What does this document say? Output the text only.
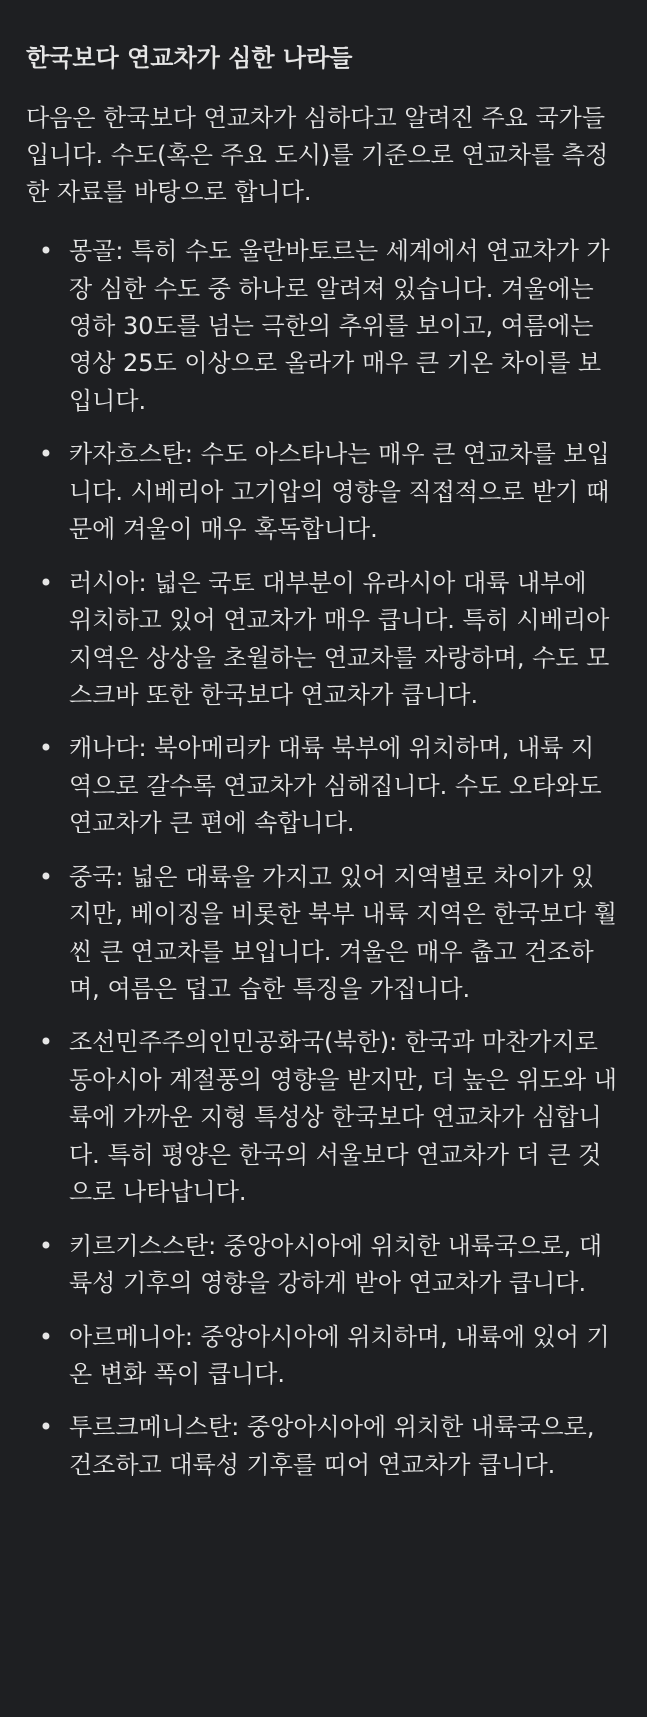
한국보다 연교차가 심한 나라들
다음은 한국보다 연교차가 심하다고 알려진 주요 국가들입니다. 수도(혹은 주요 도시)를 기준으로 연교차를 측정한 자료를 바탕으로 합니다.
• 몽골: 특히 수도 울란바토르는 세계에서 연교차가 가장 심한 수도 중 하나로 알려져 있습니다. 겨울에는 영하 30도를 넘는 극한의 추위를 보이고, 여름에는 영상 25도 이상으로 올라가 매우 큰 기온 차이를 보입니다.
• 카자흐스탄: 수도 아스타나는 매우 큰 연교차를 보입니다. 시베리아 고기압의 영향을 직접적으로 받기 때문에 겨울이 매우 혹독합니다.
• 러시아: 넓은 국토 대부분이 유라시아 대륙 내부에 위치하고 있어 연교차가 매우 큽니다. 특히 시베리아 지역은 상상을 초월하는 연교차를 자랑하며, 수도 모스크바 또한 한국보다 연교차가 큽니다.
• 캐나다: 북아메리카 대륙 북부에 위치하며, 내륙 지역으로 갈수록 연교차가 심해집니다. 수도 오타와도 연교차가 큰 편에 속합니다.
• 중국: 넓은 대륙을 가지고 있어 지역별로 차이가 있지만, 베이징을 비롯한 북부 내륙 지역은 한국보다 훨씬 큰 연교차를 보입니다. 겨울은 매우 춥고 건조하며, 여름은 덥고 습한 특징을 가집니다.
• 조선민주주의인민공화국(북한): 한국과 마찬가지로 동아시아 계절풍의 영향을 받지만, 더 높은 위도와 내륙에 가까운 지형 특성상 한국보다 연교차가 심합니다. 특히 평양은 한국의 서울보다 연교차가 더 큰 것으로 나타납니다.
• 키르기스스탄: 중앙아시아에 위치한 내륙국으로, 대륙성 기후의 영향을 강하게 받아 연교차가 큽니다.
• 아르메니아: 중앙아시아에 위치하며, 내륙에 있어 기온 변화 폭이 큽니다.
• 투르크메니스탄: 중앙아시아에 위치한 내륙국으로, 건조하고 대륙성 기후를 띠어 연교차가 큽니다.
